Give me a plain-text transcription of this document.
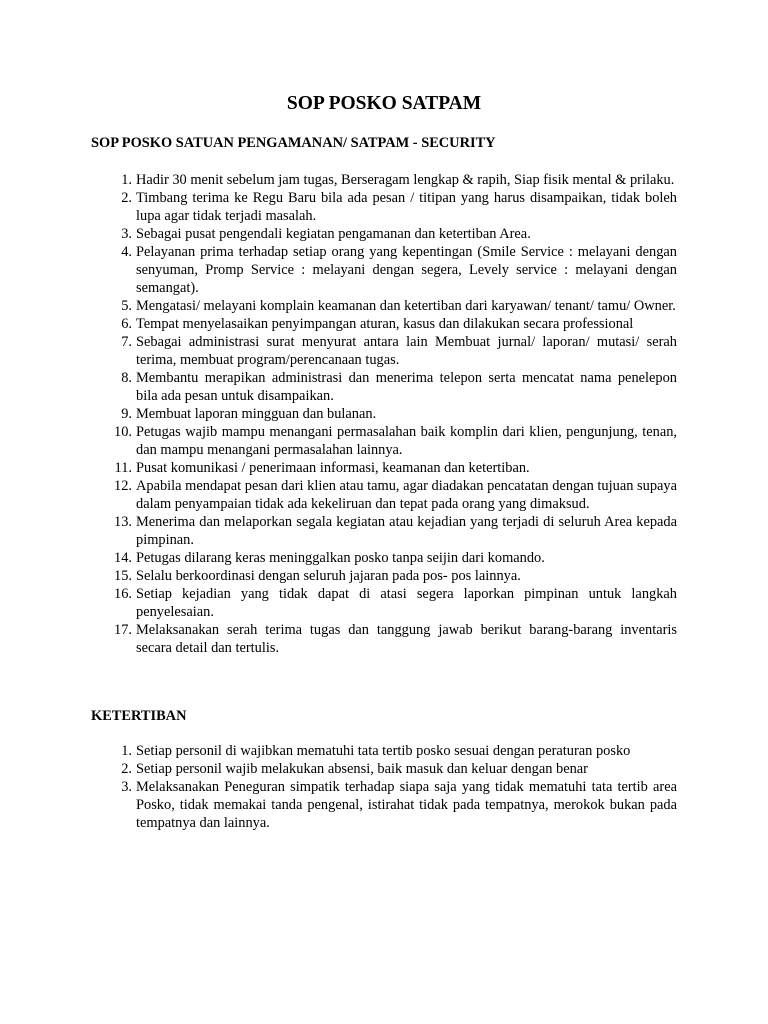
SOP POSKO SATPAM
SOP POSKO SATUAN PENGAMANAN/ SATPAM - SECURITY
1. Hadir 30 menit sebelum jam tugas, Berseragam lengkap & rapih, Siap fisik mental & prilaku.
2. Timbang terima ke Regu Baru bila ada pesan / titipan yang harus disampaikan, tidak boleh lupa agar tidak terjadi masalah.
3. Sebagai pusat pengendali kegiatan pengamanan dan ketertiban Area.
4. Pelayanan prima terhadap setiap orang yang kepentingan (Smile Service : melayani dengan senyuman, Promp Service : melayani dengan segera, Levely service : melayani dengan semangat).
5. Mengatasi/ melayani komplain keamanan dan ketertiban dari karyawan/ tenant/ tamu/ Owner.
6. Tempat menyelasaikan penyimpangan aturan, kasus dan dilakukan secara professional
7. Sebagai administrasi surat menyurat antara lain Membuat jurnal/ laporan/ mutasi/ serah terima, membuat program/perencanaan tugas.
8. Membantu merapikan administrasi dan menerima telepon serta mencatat nama penelepon bila ada pesan untuk disampaikan.
9. Membuat laporan mingguan dan bulanan.
10. Petugas wajib mampu menangani permasalahan baik komplin dari klien, pengunjung, tenan, dan mampu menangani permasalahan lainnya.
11. Pusat komunikasi / penerimaan informasi, keamanan dan ketertiban.
12. Apabila mendapat pesan dari klien atau tamu, agar diadakan pencatatan dengan tujuan supaya dalam penyampaian tidak ada kekeliruan dan tepat pada orang yang dimaksud.
13. Menerima dan melaporkan segala kegiatan atau kejadian yang terjadi di seluruh Area kepada pimpinan.
14. Petugas dilarang keras meninggalkan posko tanpa seijin dari komando.
15. Selalu berkoordinasi dengan seluruh jajaran pada pos- pos lainnya.
16. Setiap kejadian yang tidak dapat di atasi segera laporkan pimpinan untuk langkah penyelesaian.
17. Melaksanakan serah terima tugas dan tanggung jawab berikut barang-barang inventaris secara detail dan tertulis.
KETERTIBAN
1. Setiap personil di wajibkan mematuhi tata tertib posko sesuai dengan peraturan posko
2. Setiap personil wajib melakukan absensi, baik masuk dan keluar dengan benar
3. Melaksanakan Peneguran simpatik terhadap siapa saja yang tidak mematuhi tata tertib area Posko, tidak memakai tanda pengenal, istirahat tidak pada tempatnya, merokok bukan pada tempatnya dan lainnya.
